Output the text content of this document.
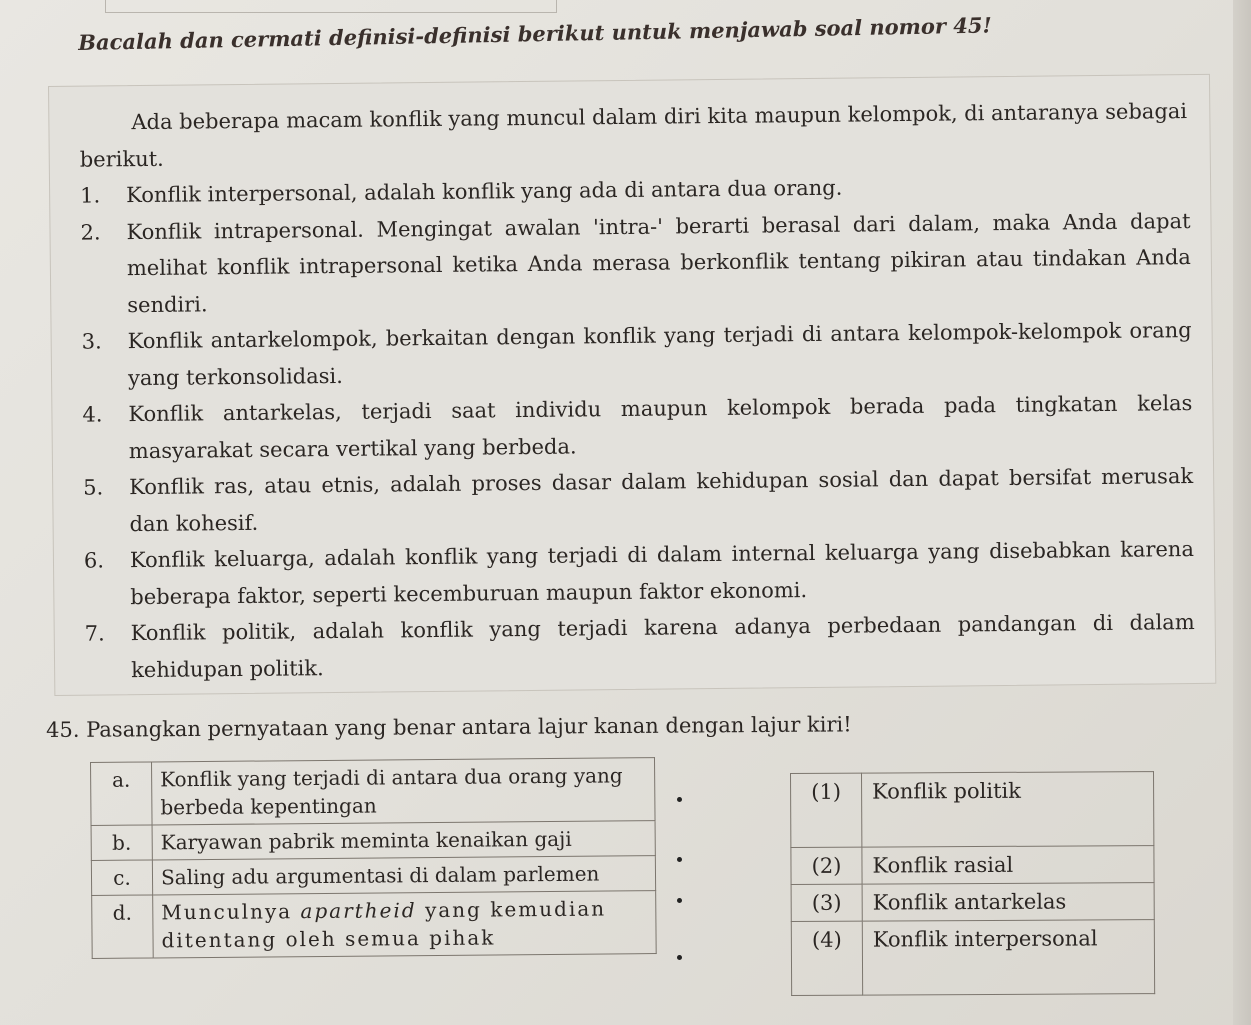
Bacalah dan cermati definisi-definisi berikut untuk menjawab soal nomor 45!

Ada beberapa macam konflik yang muncul dalam diri kita maupun kelompok, di antaranya sebagai berikut.

1.	Konflik interpersonal, adalah konflik yang ada di antara dua orang.
2.	Konflik intrapersonal. Mengingat awalan 'intra-' berarti berasal dari dalam, maka Anda dapat melihat konflik intrapersonal ketika Anda merasa berkonflik tentang pikiran atau tindakan Anda sendiri.
3.	Konflik antarkelompok, berkaitan dengan konflik yang terjadi di antara kelompok-kelompok orang yang terkonsolidasi.
4.	Konflik antarkelas, terjadi saat individu maupun kelompok berada pada tingkatan kelas masyarakat secara vertikal yang berbeda.
5.	Konflik ras, atau etnis, adalah proses dasar dalam kehidupan sosial dan dapat bersifat merusak dan kohesif.
6.	Konflik keluarga, adalah konflik yang terjadi di dalam internal keluarga yang disebabkan karena beberapa faktor, seperti kecemburuan maupun faktor ekonomi.
7.	Konflik politik, adalah konflik yang terjadi karena adanya perbedaan pandangan di dalam kehidupan politik.
45. Pasangkan pernyataan yang benar antara lajur kanan dengan lajur kiri!
a.	Konflik yang terjadi di antara dua orang yang berbeda kepentingan
b.	Karyawan pabrik meminta kenaikan gaji
c.	Saling adu argumentasi di dalam parlemen
d.	Munculnya apartheid yang kemudian ditentang oleh semua pihak
(1)	Konflik politik
(2)	Konflik rasial
(3)	Konflik antarkelas
(4)	Konflik interpersonal
